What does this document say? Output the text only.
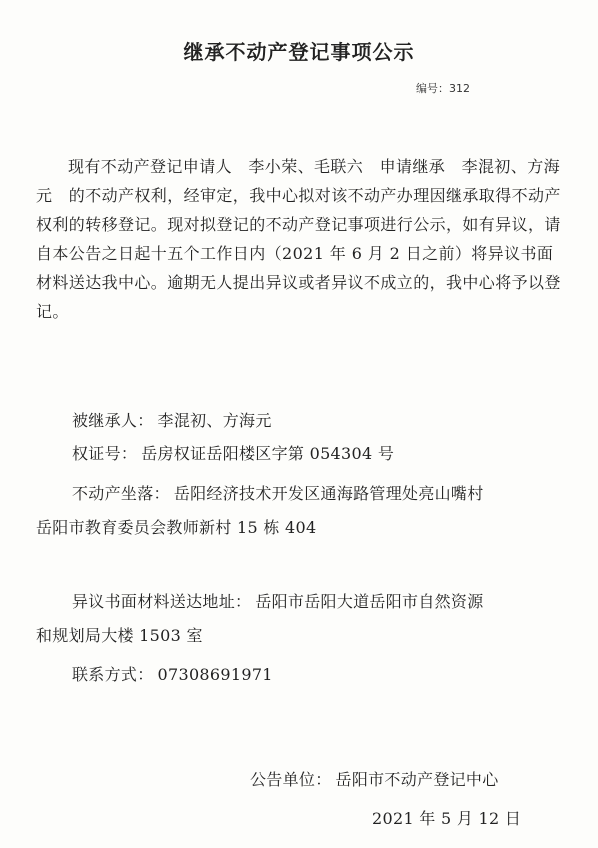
继承不动产登记事项公示
编号：312
现有不动产登记申请人　李小荣、毛联六　申请继承　李混初、方海元　的不动产权利，经审定，我中心拟对该不动产办理因继承取得不动产权利的转移登记。现对拟登记的不动产登记事项进行公示，如有异议，请自本公告之日起十五个工作日内（2021 年 6 月 2 日之前）将异议书面材料送达我中心。逾期无人提出异议或者异议不成立的，我中心将予以登记。
被继承人： 李混初、方海元
权证号： 岳房权证岳阳楼区字第 054304 号
不动产坐落： 岳阳经济技术开发区通海路管理处亮山嘴村
岳阳市教育委员会教师新村 15 栋 404
异议书面材料送达地址： 岳阳市岳阳大道岳阳市自然资源
和规划局大楼 1503 室
联系方式： 07308691971
公告单位： 岳阳市不动产登记中心
2021 年 5 月 12 日
